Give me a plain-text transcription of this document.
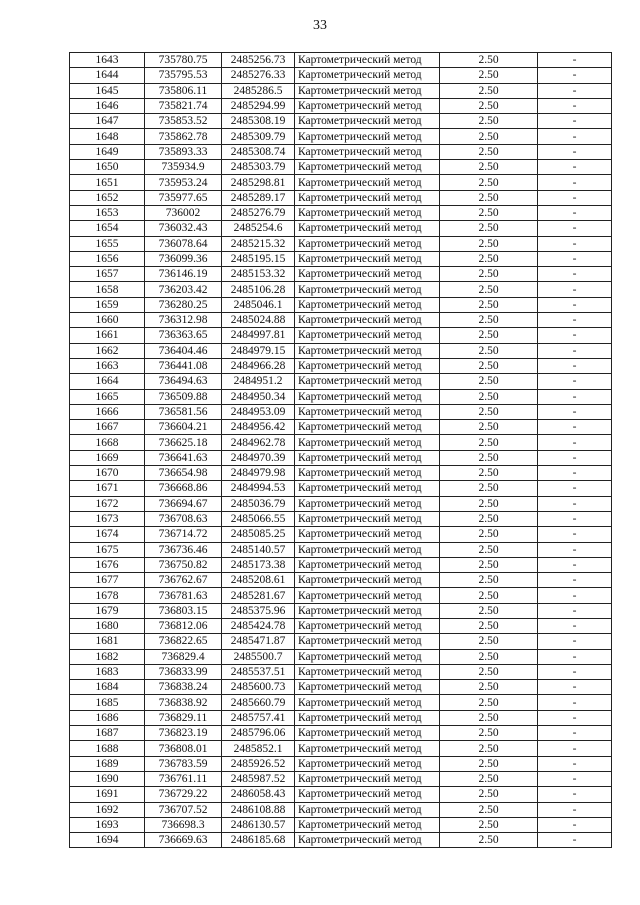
33
1643	735780.75	2485256.73	Картометрический метод	2.50	-
1644	735795.53	2485276.33	Картометрический метод	2.50	-
1645	735806.11	2485286.5	Картометрический метод	2.50	-
1646	735821.74	2485294.99	Картометрический метод	2.50	-
1647	735853.52	2485308.19	Картометрический метод	2.50	-
1648	735862.78	2485309.79	Картометрический метод	2.50	-
1649	735893.33	2485308.74	Картометрический метод	2.50	-
1650	735934.9	2485303.79	Картометрический метод	2.50	-
1651	735953.24	2485298.81	Картометрический метод	2.50	-
1652	735977.65	2485289.17	Картометрический метод	2.50	-
1653	736002	2485276.79	Картометрический метод	2.50	-
1654	736032.43	2485254.6	Картометрический метод	2.50	-
1655	736078.64	2485215.32	Картометрический метод	2.50	-
1656	736099.36	2485195.15	Картометрический метод	2.50	-
1657	736146.19	2485153.32	Картометрический метод	2.50	-
1658	736203.42	2485106.28	Картометрический метод	2.50	-
1659	736280.25	2485046.1	Картометрический метод	2.50	-
1660	736312.98	2485024.88	Картометрический метод	2.50	-
1661	736363.65	2484997.81	Картометрический метод	2.50	-
1662	736404.46	2484979.15	Картометрический метод	2.50	-
1663	736441.08	2484966.28	Картометрический метод	2.50	-
1664	736494.63	2484951.2	Картометрический метод	2.50	-
1665	736509.88	2484950.34	Картометрический метод	2.50	-
1666	736581.56	2484953.09	Картометрический метод	2.50	-
1667	736604.21	2484956.42	Картометрический метод	2.50	-
1668	736625.18	2484962.78	Картометрический метод	2.50	-
1669	736641.63	2484970.39	Картометрический метод	2.50	-
1670	736654.98	2484979.98	Картометрический метод	2.50	-
1671	736668.86	2484994.53	Картометрический метод	2.50	-
1672	736694.67	2485036.79	Картометрический метод	2.50	-
1673	736708.63	2485066.55	Картометрический метод	2.50	-
1674	736714.72	2485085.25	Картометрический метод	2.50	-
1675	736736.46	2485140.57	Картометрический метод	2.50	-
1676	736750.82	2485173.38	Картометрический метод	2.50	-
1677	736762.67	2485208.61	Картометрический метод	2.50	-
1678	736781.63	2485281.67	Картометрический метод	2.50	-
1679	736803.15	2485375.96	Картометрический метод	2.50	-
1680	736812.06	2485424.78	Картометрический метод	2.50	-
1681	736822.65	2485471.87	Картометрический метод	2.50	-
1682	736829.4	2485500.7	Картометрический метод	2.50	-
1683	736833.99	2485537.51	Картометрический метод	2.50	-
1684	736838.24	2485600.73	Картометрический метод	2.50	-
1685	736838.92	2485660.79	Картометрический метод	2.50	-
1686	736829.11	2485757.41	Картометрический метод	2.50	-
1687	736823.19	2485796.06	Картометрический метод	2.50	-
1688	736808.01	2485852.1	Картометрический метод	2.50	-
1689	736783.59	2485926.52	Картометрический метод	2.50	-
1690	736761.11	2485987.52	Картометрический метод	2.50	-
1691	736729.22	2486058.43	Картометрический метод	2.50	-
1692	736707.52	2486108.88	Картометрический метод	2.50	-
1693	736698.3	2486130.57	Картометрический метод	2.50	-
1694	736669.63	2486185.68	Картометрический метод	2.50	-
